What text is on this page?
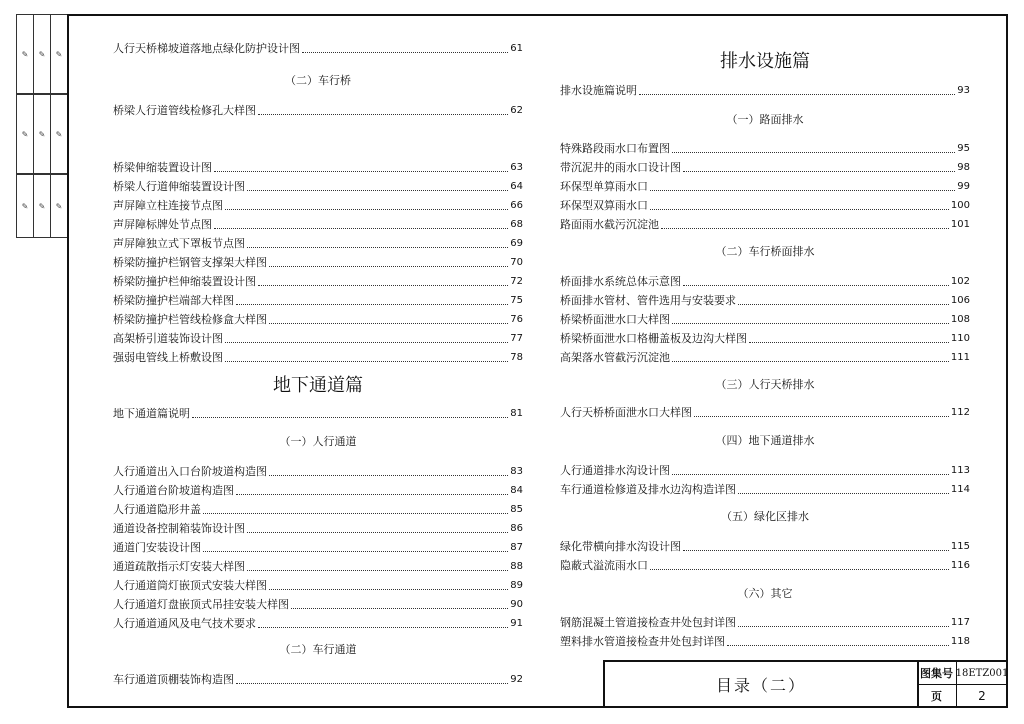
✎	✎	✎
✎	✎	✎
✎	✎	✎
（二）车行桥
地下通道篇
（一）人行通道
（二）车行通道
人行天桥梯坡道落地点绿化防护设计图	61
桥梁人行道管线检修孔大样图	62
桥梁伸缩装置设计图	63
桥梁人行道伸缩装置设计图	64
声屏障立柱连接节点图	66
声屏障标牌处节点图	68
声屏障独立式下罩板节点图	69
桥梁防撞护栏钢管支撑架大样图	70
桥梁防撞护栏伸缩装置设计图	72
桥梁防撞护栏端部大样图	75
桥梁防撞护栏管线检修盒大样图	76
高架桥引道装饰设计图	77
强弱电管线上桥敷设图	78
地下通道篇说明	81
人行通道出入口台阶坡道构造图	83
人行通道台阶坡道构造图	84
人行通道隐形井盖	85
通道设备控制箱装饰设计图	86
通道门安装设计图	87
通道疏散指示灯安装大样图	88
人行通道筒灯嵌顶式安装大样图	89
人行通道灯盘嵌顶式吊挂安装大样图	90
人行通道通风及电气技术要求	91
车行通道顶棚装饰构造图	92
排水设施篇
（一）路面排水
（二）车行桥面排水
（三）人行天桥排水
（四）地下通道排水
（五）绿化区排水
（六）其它
排水设施篇说明	93
特殊路段雨水口布置图	95
带沉泥井的雨水口设计图	98
环保型单算雨水口	99
环保型双算雨水口	100
路面雨水截污沉淀池	101
桥面排水系统总体示意图	102
桥面排水管材、管件选用与安装要求	106
桥梁桥面泄水口大样图	108
桥梁桥面泄水口格栅盖板及边沟大样图	110
高架落水管截污沉淀池	111
人行天桥桥面泄水口大样图	112
人行通道排水沟设计图	113
车行通道检修道及排水边沟构造详图	114
绿化带横向排水沟设计图	115
隐蔽式溢流雨水口	116
钢筋混凝土管道接检查井处包封详图	117
塑料排水管道接检查井处包封详图	118
目录（二）
图集号 18ETZ001
页	2
